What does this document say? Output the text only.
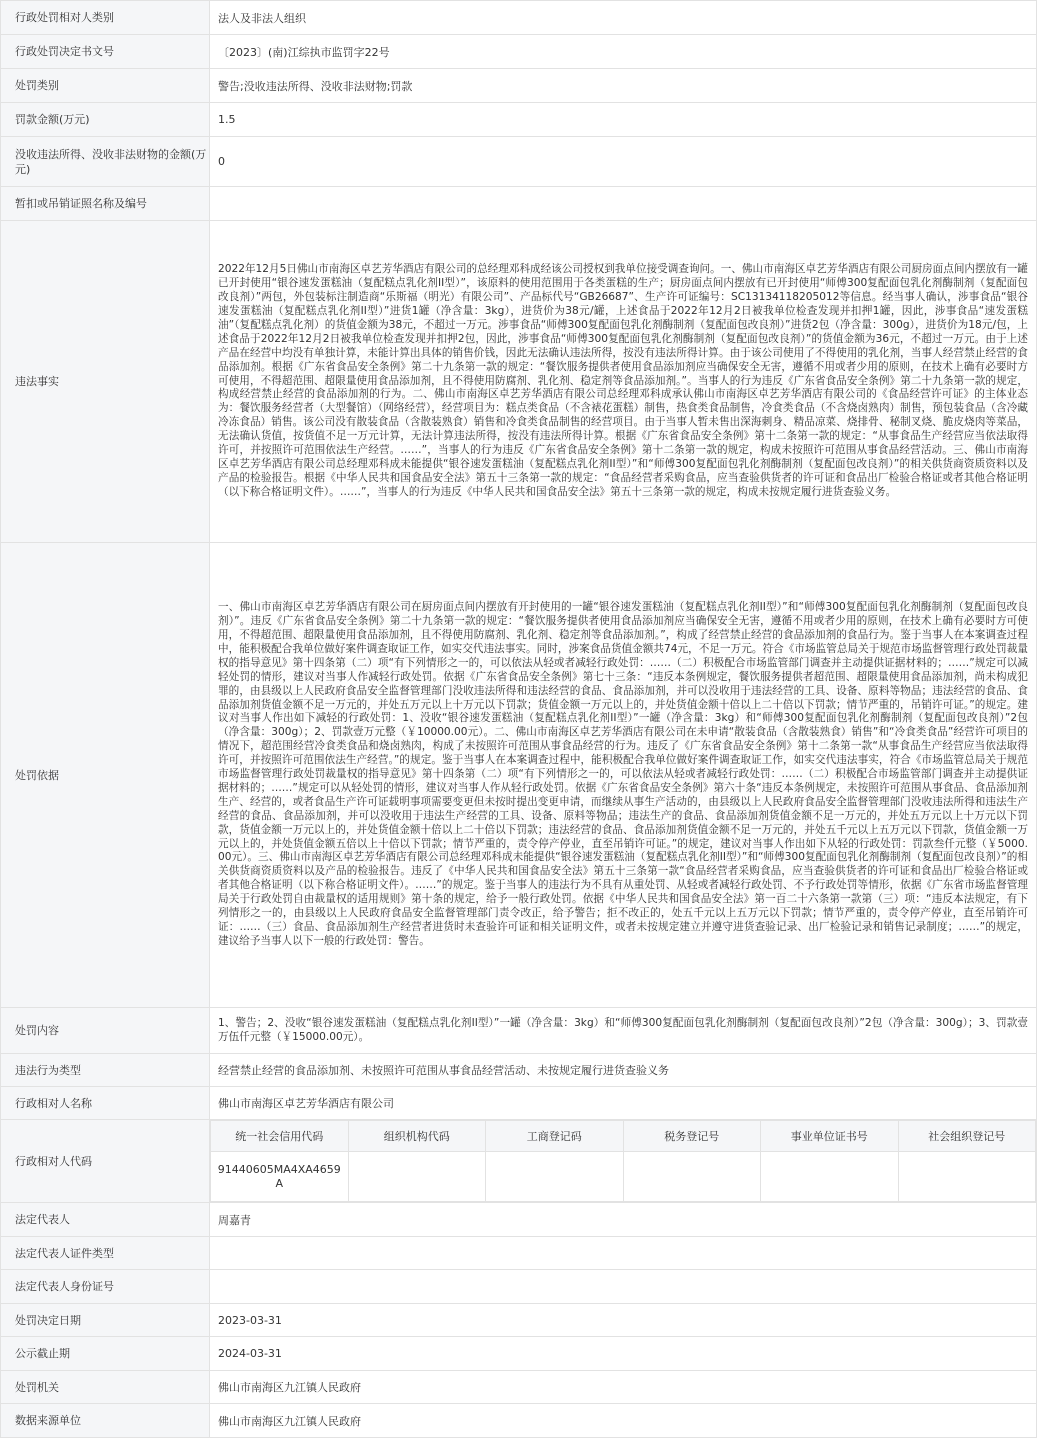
行政处罚相对人类别	法人及非法人组织
行政处罚决定书文号	〔2023〕(南)江综执市监罚字22号
处罚类别	警告;没收违法所得、没收非法财物;罚款
罚款金额(万元)	1.5
没收违法所得、没收非法财物的金额(万元)	0
暂扣或吊销证照名称及编号	
违法事实	2022年12月5日佛山市南海区卓艺芳华酒店有限公司的总经理邓科成经该公司授权到我单位接受调查询问。一、佛山市南海区卓艺芳华酒店有限公司厨房面点间内摆放有一罐已开封使用“银谷速发蛋糕油（复配糕点乳化剂II型）”，该原料的使用范围用于各类蛋糕的生产；厨房面点间内摆放有已开封使用“师傅300复配面包乳化剂酶制剂（复配面包改良剂）”两包，外包装标注制造商“乐斯福（明光）有限公司”、产品标代号“GB26687”、生产许可证编号：SC13134118205012等信息。经当事人确认，涉事食品“银谷速发蛋糕油（复配糕点乳化剂II型）”进货1罐（净含量：3kg），进货价为38元/罐，上述食品于2022年12月2日被我单位检查发现并扣押1罐，因此，涉事食品“速发蛋糕油”（复配糕点乳化剂）的货值金额为38元，不超过一万元。涉事食品“师傅300复配面包乳化剂酶制剂（复配面包改良剂）”进货2包（净含量：300g），进货价为18元/包，上述食品于2022年12月2日被我单位检查发现并扣押2包，因此，涉事食品“师傅300复配面包乳化剂酶制剂（复配面包改良剂）”的货值金额为36元，不超过一万元。由于上述产品在经营中均没有单独计算，未能计算出具体的销售价钱，因此无法确认违法所得，按没有违法所得计算。由于该公司使用了不得使用的乳化剂，当事人经营禁止经营的食品添加剂。根据《广东省食品安全条例》第二十九条第一款的规定：“餐饮服务提供者使用食品添加剂应当确保安全无害，遵循不用或者少用的原则，在技术上确有必要时方可使用，不得超范围、超限量使用食品添加剂，且不得使用防腐剂、乳化剂、稳定剂等食品添加剂。”。当事人的行为违反《广东省食品安全条例》第二十九条第一款的规定，构成经营禁止经营的食品添加剂的行为。二、佛山市南海区卓艺芳华酒店有限公司总经理邓科成承认佛山市南海区卓艺芳华酒店有限公司的《食品经营许可证》的主体业态为：餐饮服务经营者（大型餐馆）（网络经营），经营项目为：糕点类食品（不含裱花蛋糕）制售，热食类食品制售，冷食类食品（不含烧卤熟肉）制售，预包装食品（含冷藏冷冻食品）销售。该公司没有散装食品（含散装熟食）销售和冷食类食品制售的经营项目。由于当事人暂未售出深海刺身、精品凉菜、烧排骨、秘制叉烧、脆皮烧肉等菜品，无法确认货值，按货值不足一万元计算，无法计算违法所得，按没有违法所得计算。根据《广东省食品安全条例》第十二条第一款的规定：“从事食品生产经营应当依法取得许可，并按照许可范围依法生产经营。……”，当事人的行为违反《广东省食品安全条例》第十二条第一款的规定，构成未按照许可范围从事食品经营活动。三、佛山市南海区卓艺芳华酒店有限公司总经理邓科成未能提供“银谷速发蛋糕油（复配糕点乳化剂II型）”和“师傅300复配面包乳化剂酶制剂（复配面包改良剂）”的相关供货商资质资料以及产品的检验报告。根据《中华人民共和国食品安全法》第五十三条第一款的规定：“食品经营者采购食品，应当查验供货者的许可证和食品出厂检验合格证或者其他合格证明（以下称合格证明文件）。……”，当事人的行为违反《中华人民共和国食品安全法》第五十三条第一款的规定，构成未按规定履行进货查验义务。
处罚依据	一、佛山市南海区卓艺芳华酒店有限公司在厨房面点间内摆放有开封使用的一罐“银谷速发蛋糕油（复配糕点乳化剂II型）”和“师傅300复配面包乳化剂酶制剂（复配面包改良剂）”。违反《广东省食品安全条例》第二十九条第一款的规定：“餐饮服务提供者使用食品添加剂应当确保安全无害，遵循不用或者少用的原则，在技术上确有必要时方可使用，不得超范围、超限量使用食品添加剂，且不得使用防腐剂、乳化剂、稳定剂等食品添加剂。”，构成了经营禁止经营的食品添加剂的食品行为。鉴于当事人在本案调查过程中，能积极配合我单位做好案件调查取证工作，如实交代违法事实。同时，涉案食品货值金额共74元，不足一万元。符合《市场监管总局关于规范市场监督管理行政处罚裁量权的指导意见》第十四条第（二）项“有下列情形之一的，可以依法从轻或者减轻行政处罚：……（二）积极配合市场监管部门调查并主动提供证据材料的；……”规定可以减轻处罚的情形，建议对当事人作减轻行政处罚。依据《广东省食品安全条例》第七十三条：“违反本条例规定，餐饮服务提供者超范围、超限量使用食品添加剂，尚未构成犯罪的，由县级以上人民政府食品安全监督管理部门没收违法所得和违法经营的食品、食品添加剂，并可以没收用于违法经营的工具、设备、原料等物品；违法经营的食品、食品添加剂货值金额不足一万元的，并处五万元以上十万元以下罚款；货值金额一万元以上的，并处货值金额十倍以上二十倍以下罚款；情节严重的，吊销许可证。”的规定。建议对当事人作出如下减轻的行政处罚：1、没收“银谷速发蛋糕油（复配糕点乳化剂II型）”一罐（净含量：3kg）和“师傅300复配面包乳化剂酶制剂（复配面包改良剂）”2包（净含量：300g）；2、罚款壹万元整（￥10000.00元）。二、佛山市南海区卓艺芳华酒店有限公司在未申请“散装食品（含散装熟食）销售”和“冷食类食品”经营许可项目的情况下，超范围经营冷食类食品和烧卤熟肉，构成了未按照许可范围从事食品经营的行为。违反了《广东省食品安全条例》第十二条第一款“从事食品生产经营应当依法取得许可，并按照许可范围依法生产经营。”的规定。鉴于当事人在本案调查过程中，能积极配合我单位做好案件调查取证工作，如实交代违法事实，符合《市场监管总局关于规范市场监督管理行政处罚裁量权的指导意见》第十四条第（二）项“有下列情形之一的，可以依法从轻或者减轻行政处罚：……（二）积极配合市场监管部门调查并主动提供证据材料的；……”规定可以从轻处罚的情形，建议对当事人作从轻行政处罚。依据《广东省食品安全条例》第六十条“违反本条例规定，未按照许可范围从事食品、食品添加剂生产、经营的，或者食品生产许可证载明事项需要变更但未按时提出变更申请，而继续从事生产活动的，由县级以上人民政府食品安全监督管理部门没收违法所得和违法生产经营的食品、食品添加剂，并可以没收用于违法生产经营的工具、设备、原料等物品；违法生产的食品、食品添加剂货值金额不足一万元的，并处五万元以上十万元以下罚款，货值金额一万元以上的，并处货值金额十倍以上二十倍以下罚款；违法经营的食品、食品添加剂货值金额不足一万元的，并处五千元以上五万元以下罚款，货值金额一万元以上的，并处货值金额五倍以上十倍以下罚款；情节严重的，责令停产停业，直至吊销许可证。”的规定，建议对当事人作出如下从轻的行政处罚：罚款叁仟元整（￥5000.00元）。三、佛山市南海区卓艺芳华酒店有限公司总经理邓科成未能提供“银谷速发蛋糕油（复配糕点乳化剂II型）”和“师傅300复配面包乳化剂酶制剂（复配面包改良剂）”的相关供货商资质资料以及产品的检验报告。违反了《中华人民共和国食品安全法》第五十三条第一款“食品经营者采购食品，应当查验供货者的许可证和食品出厂检验合格证或者其他合格证明（以下称合格证明文件）。……”的规定。鉴于当事人的违法行为不具有从重处罚、从轻或者减轻行政处罚、不予行政处罚等情形，依据《广东省市场监督管理局关于行政处罚自由裁量权的适用规则》第十条的规定，给予一般行政处罚。依据《中华人民共和国食品安全法》第一百二十六条第一款第（三）项：“违反本法规定，有下列情形之一的，由县级以上人民政府食品安全监督管理部门责令改正，给予警告；拒不改正的，处五千元以上五万元以下罚款；情节严重的，责令停产停业，直至吊销许可证：……（三）食品、食品添加剂生产经营者进货时未查验许可证和相关证明文件，或者未按规定建立并遵守进货查验记录、出厂检验记录和销售记录制度；……”的规定，建议给予当事人以下一般的行政处罚：警告。
处罚内容	1、警告；2、没收“银谷速发蛋糕油（复配糕点乳化剂II型）”一罐（净含量：3kg）和“师傅300复配面包乳化剂酶制剂（复配面包改良剂）”2包（净含量：300g）；3、罚款壹万伍仟元整（￥15000.00元）。
违法行为类型	经营禁止经营的食品添加剂、未按照许可范围从事食品经营活动、未按规定履行进货查验义务
行政相对人名称	佛山市南海区卓艺芳华酒店有限公司
行政相对人代码	
统一社会信用代码	组织机构代码	工商登记码	税务登记号	事业单位证书号	社会组织登记号
91440605MA4XA4659A					

法定代表人	周嘉青
法定代表人证件类型	
法定代表人身份证号	
处罚决定日期	2023-03-31
公示截止期	2024-03-31
处罚机关	佛山市南海区九江镇人民政府
数据来源单位	佛山市南海区九江镇人民政府
